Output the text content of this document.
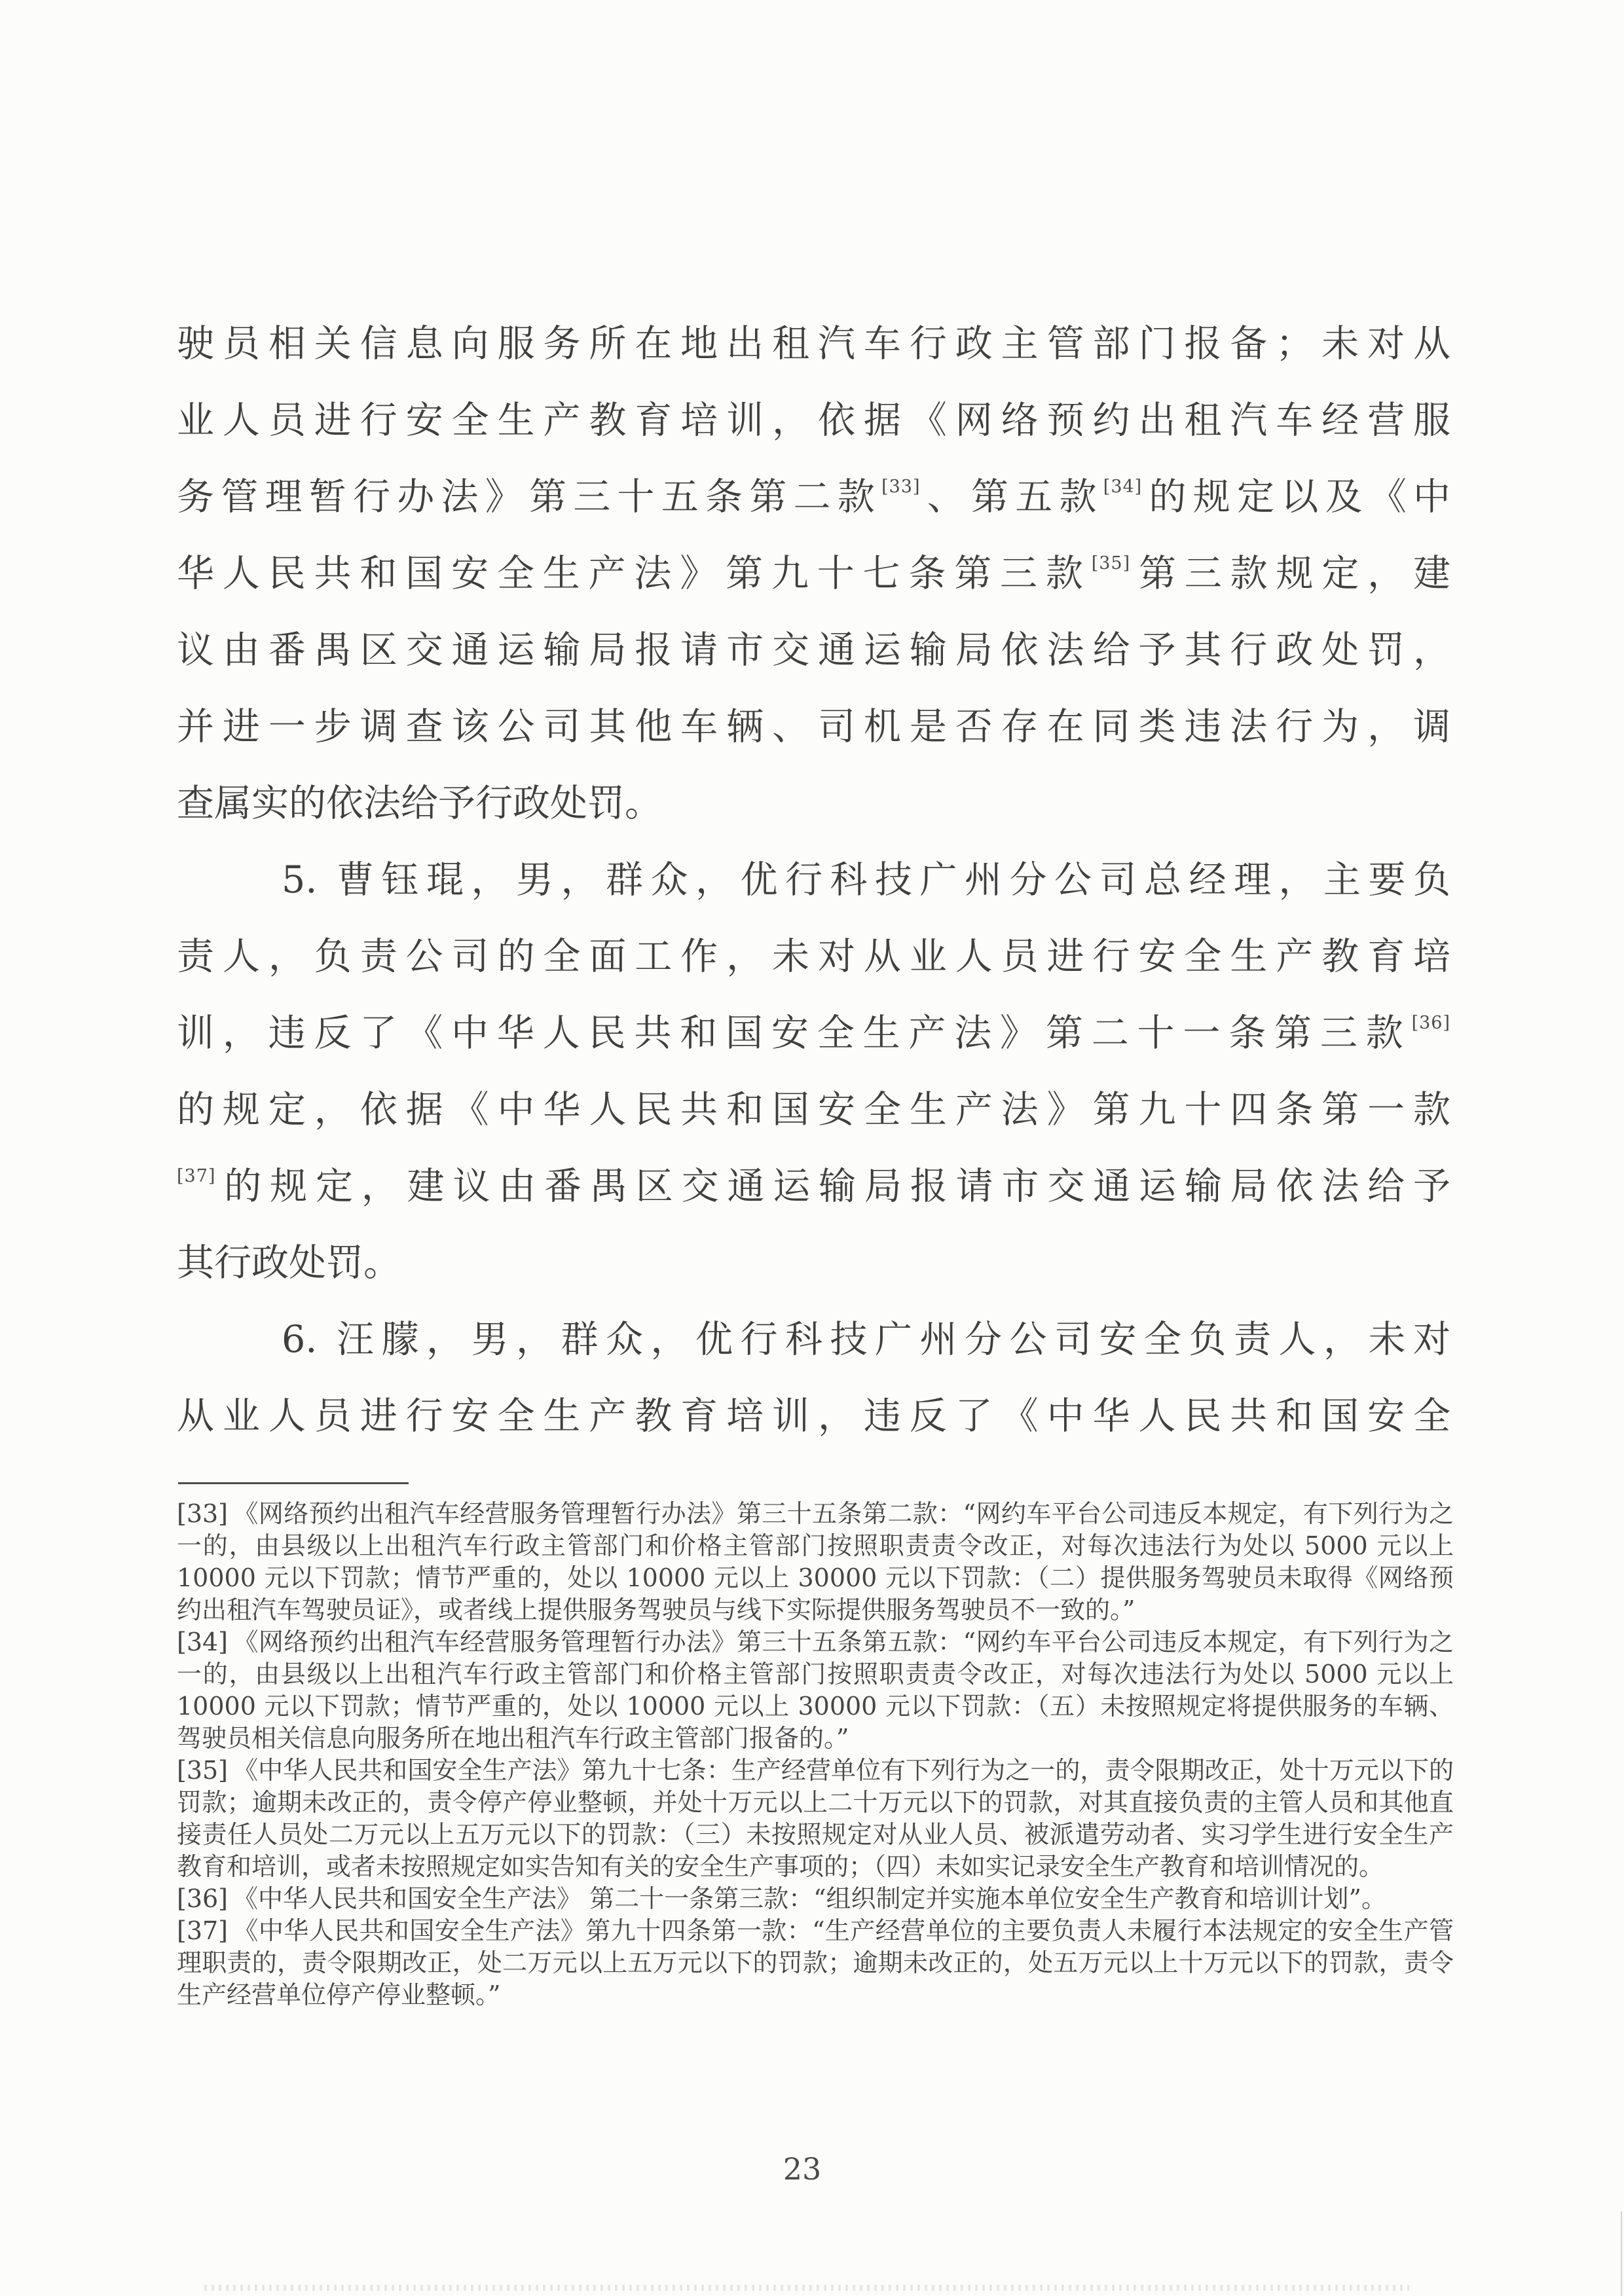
驶员相关信息向服务所在地出租汽车行政主管部门报备；未对从
业人员进行安全生产教育培训，依据《网络预约出租汽车经营服
务管理暂行办法》第三十五条第二款[33]、第五款[34]的规定以及《中
华人民共和国安全生产法》第九十七条第三款[35]第三款规定，建
议由番禺区交通运输局报请市交通运输局依法给予其行政处罚，
并进一步调查该公司其他车辆、司机是否存在同类违法行为，调
查属实的依法给予行政处罚。
5. 曹钰琨，男，群众，优行科技广州分公司总经理，主要负
责人，负责公司的全面工作，未对从业人员进行安全生产教育培
训，违反了《中华人民共和国安全生产法》第二十一条第三款[36]
的规定，依据《中华人民共和国安全生产法》第九十四条第一款
[37]的规定，建议由番禺区交通运输局报请市交通运输局依法给予
其行政处罚。
6. 汪朦，男，群众，优行科技广州分公司安全负责人，未对
从业人员进行安全生产教育培训，违反了《中华人民共和国安全

[33] 《网络预约出租汽车经营服务管理暂行办法》第三十五条第二款：“网约车平台公司违反本规定，有下列行为之一的，由县级以上出租汽车行政主管部门和价格主管部门按照职责责令改正，对每次违法行为处以 5000 元以上 10000 元以下罚款；情节严重的，处以 10000 元以上 30000 元以下罚款：（二）提供服务驾驶员未取得《网络预约出租汽车驾驶员证》，或者线上提供服务驾驶员与线下实际提供服务驾驶员不一致的。”

[34] 《网络预约出租汽车经营服务管理暂行办法》第三十五条第五款：“网约车平台公司违反本规定，有下列行为之一的，由县级以上出租汽车行政主管部门和价格主管部门按照职责责令改正，对每次违法行为处以 5000 元以上 10000 元以下罚款；情节严重的，处以 10000 元以上 30000 元以下罚款：（五）未按照规定将提供服务的车辆、驾驶员相关信息向服务所在地出租汽车行政主管部门报备的。”

[35] 《中华人民共和国安全生产法》第九十七条：生产经营单位有下列行为之一的，责令限期改正，处十万元以下的罚款；逾期未改正的，责令停产停业整顿，并处十万元以上二十万元以下的罚款，对其直接负责的主管人员和其他直接责任人员处二万元以上五万元以下的罚款：（三）未按照规定对从业人员、被派遣劳动者、实习学生进行安全生产教育和培训，或者未按照规定如实告知有关的安全生产事项的；（四）未如实记录安全生产教育和培训情况的。

[36] 《中华人民共和国安全生产法》 第二十一条第三款：“组织制定并实施本单位安全生产教育和培训计划”。

[37] 《中华人民共和国安全生产法》第九十四条第一款：“生产经营单位的主要负责人未履行本法规定的安全生产管理职责的，责令限期改正，处二万元以上五万元以下的罚款；逾期未改正的，处五万元以上十万元以下的罚款，责令生产经营单位停产停业整顿。”

23
